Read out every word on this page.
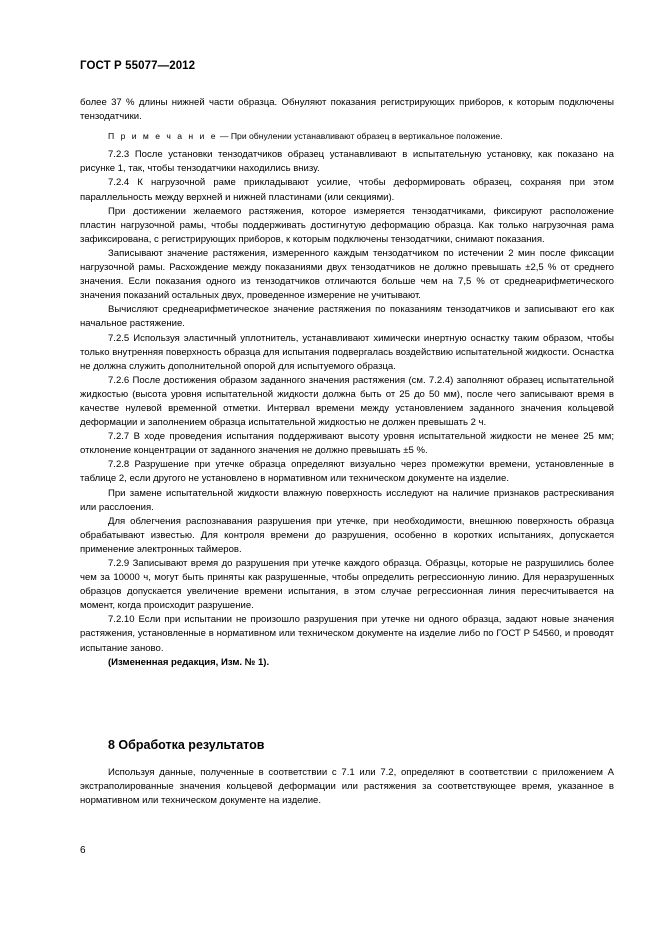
ГОСТ Р 55077—2012

более 37 % длины нижней части образца. Обнуляют показания регистрирующих приборов, к которым подключены тензодатчики.

П р и м е ч а н и е — При обнулении устанавливают образец в вертикальное положение.

7.2.3 После установки тензодатчиков образец устанавливают в испытательную установку, как показано на рисунке 1, так, чтобы тензодатчики находились внизу.

7.2.4 К нагрузочной раме прикладывают усилие, чтобы деформировать образец, сохраняя при этом параллельность между верхней и нижней пластинами (или секциями).

При достижении желаемого растяжения, которое измеряется тензодатчиками, фиксируют расположение пластин нагрузочной рамы, чтобы поддерживать достигнутую деформацию образца. Как только нагрузочная рама зафиксирована, с регистрирующих приборов, к которым подключены тензодатчики, снимают показания.

Записывают значение растяжения, измеренного каждым тензодатчиком по истечении 2 мин после фиксации нагрузочной рамы. Расхождение между показаниями двух тензодатчиков не должно превышать ±2,5 % от среднего значения. Если показания одного из тензодатчиков отличаются больше чем на 7,5 % от среднеарифметического значения показаний остальных двух, проведенное измерение не учитывают.

Вычисляют среднеарифметическое значение растяжения по показаниям тензодатчиков и записывают его как начальное растяжение.

7.2.5 Используя эластичный уплотнитель, устанавливают химически инертную оснастку таким образом, чтобы только внутренняя поверхность образца для испытания подвергалась воздействию испытательной жидкости. Оснастка не должна служить дополнительной опорой для испытуемого образца.

7.2.6 После достижения образом заданного значения растяжения (см. 7.2.4) заполняют образец испытательной жидкостью (высота уровня испытательной жидкости должна быть от 25 до 50 мм), после чего записывают время в качестве нулевой временной отметки. Интервал времени между установлением заданного значения кольцевой деформации и заполнением образца испытательной жидкостью не должен превышать 2 ч.

7.2.7 В ходе проведения испытания поддерживают высоту уровня испытательной жидкости не менее 25 мм; отклонение концентрации от заданного значения не должно превышать ±5 %.

7.2.8 Разрушение при утечке образца определяют визуально через промежутки времени, установленные в таблице 2, если другого не установлено в нормативном или техническом документе на изделие.

При замене испытательной жидкости влажную поверхность исследуют на наличие признаков растрескивания или расслоения.

Для облегчения распознавания разрушения при утечке, при необходимости, внешнюю поверхность образца обрабатывают известью. Для контроля времени до разрушения, особенно в коротких испытаниях, допускается применение электронных таймеров.

7.2.9 Записывают время до разрушения при утечке каждого образца. Образцы, которые не разрушились более чем за 10000 ч, могут быть приняты как разрушенные, чтобы определить регрессионную линию. Для неразрушенных образцов допускается увеличение времени испытания, в этом случае регрессионная линия пересчитывается на момент, когда происходит разрушение.

7.2.10 Если при испытании не произошло разрушения при утечке ни одного образца, задают новые значения растяжения, установленные в нормативном или техническом документе на изделие либо по ГОСТ Р 54560, и проводят испытание заново.

(Измененная редакция, Изм. № 1).

8 Обработка результатов

Используя данные, полученные в соответствии с 7.1 или 7.2, определяют в соответствии с приложением А экстраполированные значения кольцевой деформации или растяжения за соответствующее время, указанное в нормативном или техническом документе на изделие.

6
